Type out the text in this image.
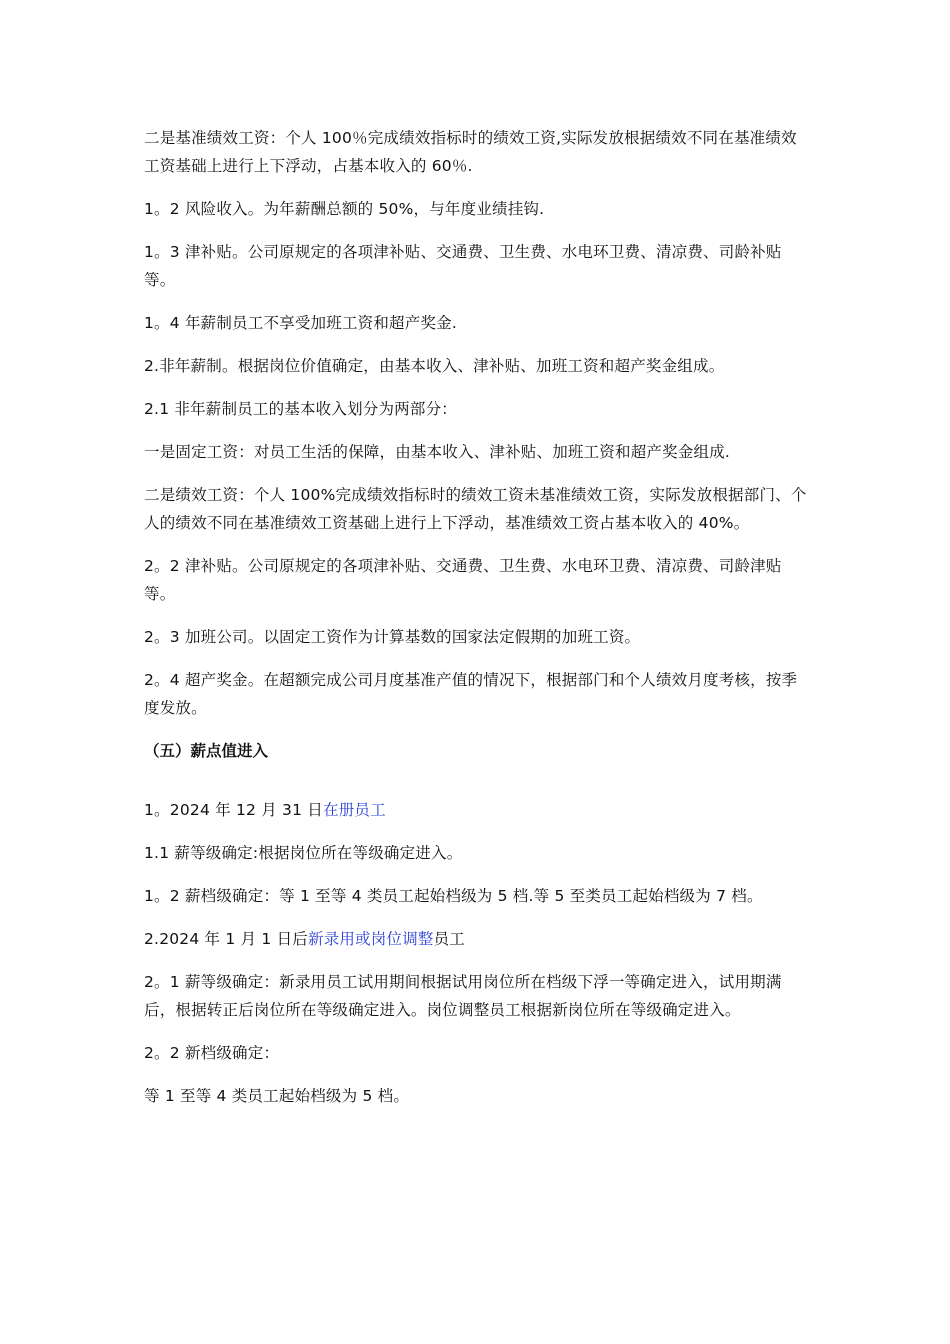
二是基准绩效工资：个人 100％完成绩效指标时的绩效工资,实际发放根据绩效不同在基准绩效工资基础上进行上下浮动，占基本收入的 60％.

1。2 风险收入。为年薪酬总额的 50%，与年度业绩挂钩.

1。3 津补贴。公司原规定的各项津补贴、交通费、卫生费、水电环卫费、清凉费、司龄补贴等。

1。4 年薪制员工不享受加班工资和超产奖金.

2.非年薪制。根据岗位价值确定，由基本收入、津补贴、加班工资和超产奖金组成。

2.1 非年薪制员工的基本收入划分为两部分：

一是固定工资：对员工生活的保障，由基本收入、津补贴、加班工资和超产奖金组成.

二是绩效工资：个人 100%完成绩效指标时的绩效工资未基准绩效工资，实际发放根据部门、个人的绩效不同在基准绩效工资基础上进行上下浮动，基准绩效工资占基本收入的 40%。

2。2 津补贴。公司原规定的各项津补贴、交通费、卫生费、水电环卫费、清凉费、司龄津贴等。

2。3 加班公司。以固定工资作为计算基数的国家法定假期的加班工资。

2。4 超产奖金。在超额完成公司月度基准产值的情况下，根据部门和个人绩效月度考核，按季度发放。

（五）薪点值进入

1。2024 年 12 月 31 日在册员工

1.1 薪等级确定:根据岗位所在等级确定进入。

1。2 薪档级确定：等 1 至等 4 类员工起始档级为 5 档.等 5 至类员工起始档级为 7 档。

2.2024 年 1 月 1 日后新录用或岗位调整员工

2。1 薪等级确定：新录用员工试用期间根据试用岗位所在档级下浮一等确定进入，试用期满后，根据转正后岗位所在等级确定进入。岗位调整员工根据新岗位所在等级确定进入。

2。2 新档级确定：

等 1 至等 4 类员工起始档级为 5 档。
